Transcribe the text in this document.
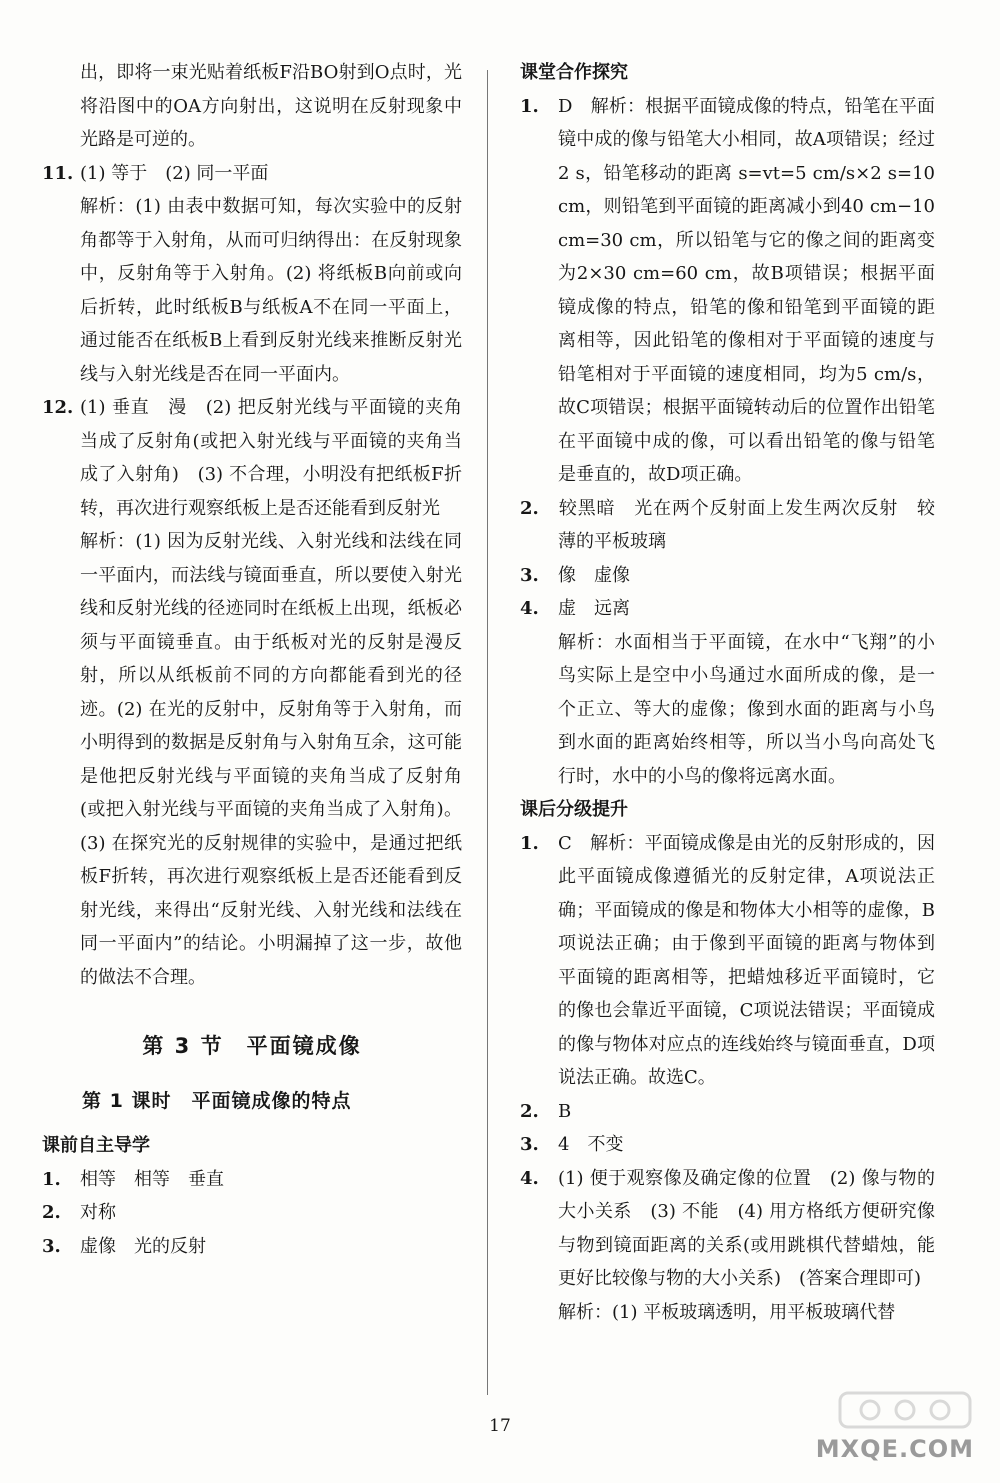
出，即将一束光贴着纸板F沿BO射到O点时，光将沿图中的OA方向射出，这说明在反射现象中光路是可逆的。

11. (1) 等于　(2) 同一平面

解析：(1) 由表中数据可知，每次实验中的反射角都等于入射角，从而可归纳得出：在反射现象中，反射角等于入射角。(2) 将纸板B向前或向后折转，此时纸板B与纸板A不在同一平面上，通过能否在纸板B上看到反射光线来推断反射光线与入射光线是否在同一平面内。

12. (1) 垂直　漫　(2) 把反射光线与平面镜的夹角当成了反射角(或把入射光线与平面镜的夹角当成了入射角)　(3) 不合理，小明没有把纸板F折转，再次进行观察纸板上是否还能看到反射光

解析：(1) 因为反射光线、入射光线和法线在同一平面内，而法线与镜面垂直，所以要使入射光线和反射光线的径迹同时在纸板上出现，纸板必须与平面镜垂直。由于纸板对光的反射是漫反射，所以从纸板前不同的方向都能看到光的径迹。(2) 在光的反射中，反射角等于入射角，而小明得到的数据是反射角与入射角互余，这可能是他把反射光线与平面镜的夹角当成了反射角(或把入射光线与平面镜的夹角当成了入射角)。(3) 在探究光的反射规律的实验中，是通过把纸板F折转，再次进行观察纸板上是否还能看到反射光线，来得出“反射光线、入射光线和法线在同一平面内”的结论。小明漏掉了这一步，故他的做法不合理。

第 3 节　平面镜成像
第 1 课时　平面镜成像的特点

课前自主导学

1. 相等　相等　垂直

2. 对称

3. 虚像　光的反射

课堂合作探究

1. D　解析：根据平面镜成像的特点，铅笔在平面镜中成的像与铅笔大小相同，故A项错误；经过2 s，铅笔移动的距离 s=vt=5 cm/s×2 s=10 cm，则铅笔到平面镜的距离减小到40 cm−10 cm=30 cm，所以铅笔与它的像之间的距离变为2×30 cm=60 cm，故B项错误；根据平面镜成像的特点，铅笔的像和铅笔到平面镜的距离相等，因此铅笔的像相对于平面镜的速度与铅笔相对于平面镜的速度相同，均为5 cm/s，故C项错误；根据平面镜转动后的位置作出铅笔在平面镜中成的像，可以看出铅笔的像与铅笔是垂直的，故D项正确。

2. 较黑暗　光在两个反射面上发生两次反射　较薄的平板玻璃

3. 像　虚像

4. 虚　远离

解析：水面相当于平面镜，在水中“飞翔”的小鸟实际上是空中小鸟通过水面所成的像，是一个正立、等大的虚像；像到水面的距离与小鸟到水面的距离始终相等，所以当小鸟向高处飞行时，水中的小鸟的像将远离水面。

课后分级提升

1. C　解析：平面镜成像是由光的反射形成的，因此平面镜成像遵循光的反射定律，A项说法正确；平面镜成的像是和物体大小相等的虚像，B项说法正确；由于像到平面镜的距离与物体到平面镜的距离相等，把蜡烛移近平面镜时，它的像也会靠近平面镜，C项说法错误；平面镜成的像与物体对应点的连线始终与镜面垂直，D项说法正确。故选C。

2. B

3. 4　不变

4. (1) 便于观察像及确定像的位置　(2) 像与物的大小关系　(3) 不能　(4) 用方格纸方便研究像与物到镜面距离的关系(或用跳棋代替蜡烛，能更好比较像与物的大小关系)　(答案合理即可)

解析：(1) 平板玻璃透明，用平板玻璃代替

17
MXQE.COM
